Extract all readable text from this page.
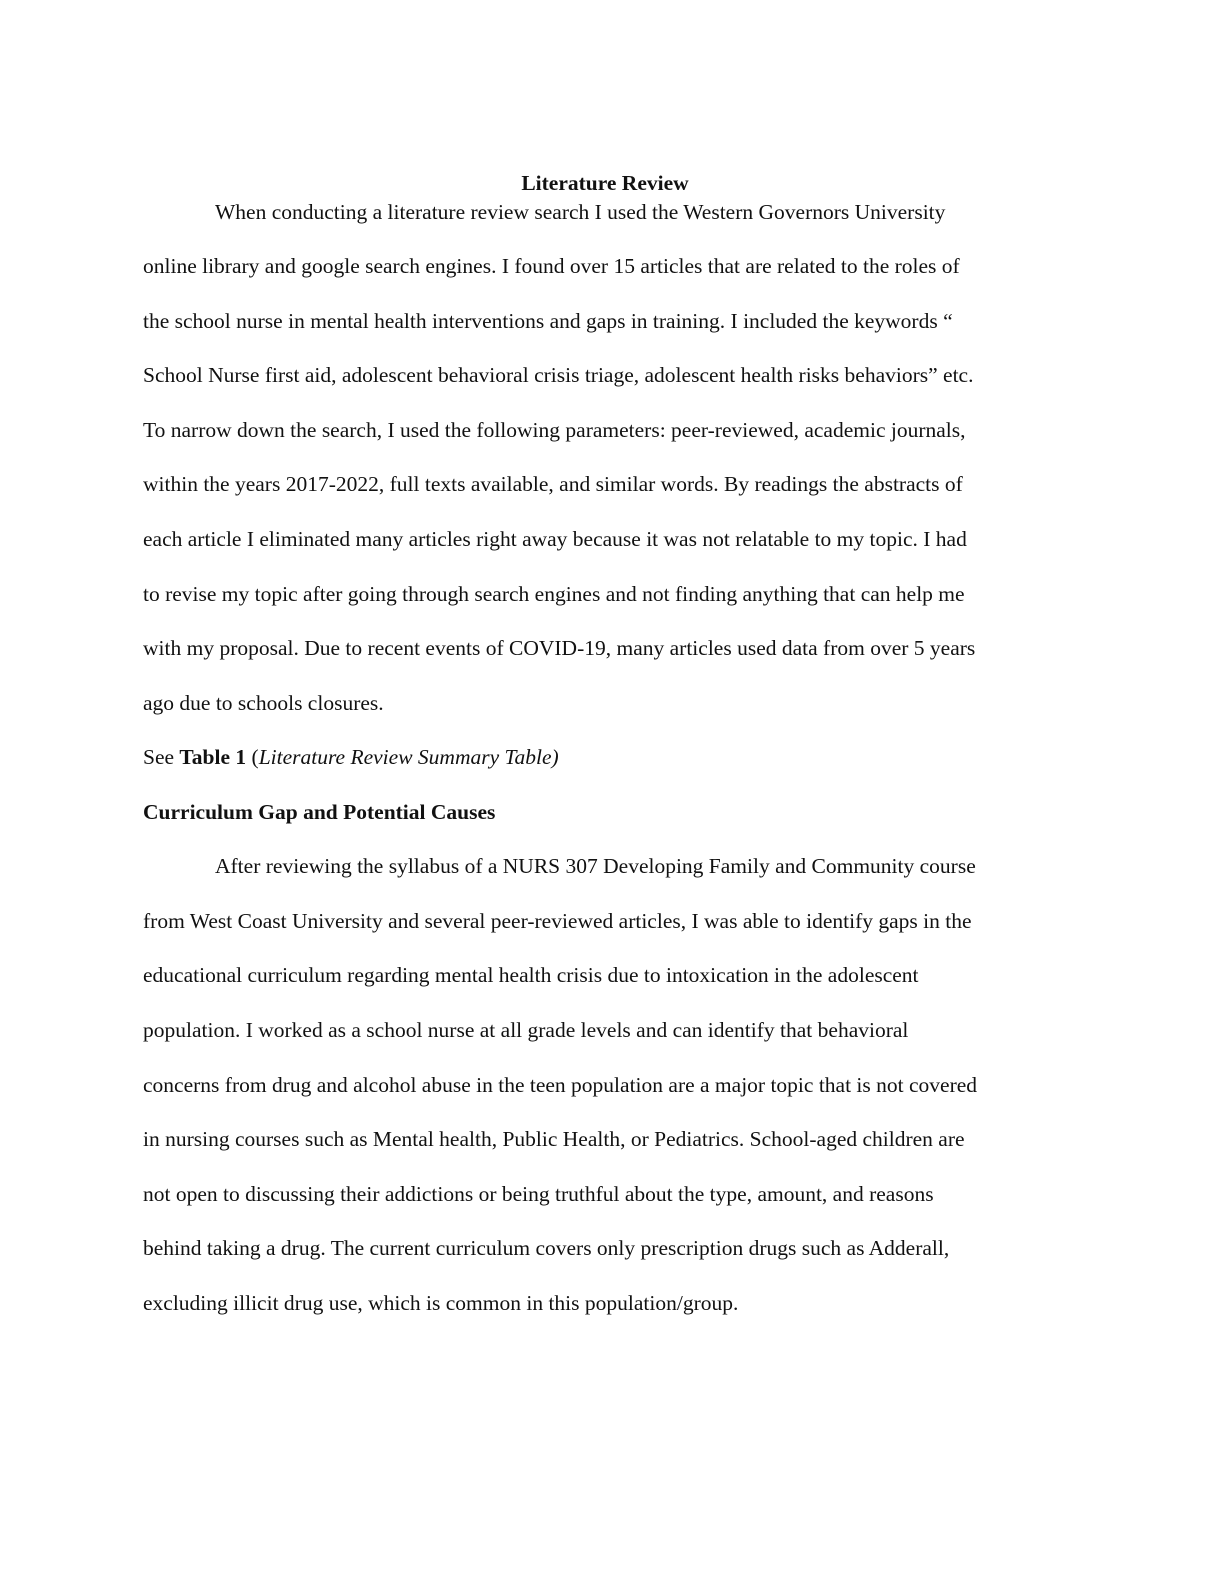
Literature Review
When conducting a literature review search I used the Western Governors University
online library and google search engines. I found over 15 articles that are related to the roles of
the school nurse in mental health interventions and gaps in training. I included the keywords “
School Nurse first aid, adolescent behavioral crisis triage, adolescent health risks behaviors” etc.
To narrow down the search, I used the following parameters: peer-reviewed, academic journals,
within the years 2017-2022, full texts available, and similar words. By readings the abstracts of
each article I eliminated many articles right away because it was not relatable to my topic. I had
to revise my topic after going through search engines and not finding anything that can help me
with my proposal. Due to recent events of COVID-19, many articles used data from over 5 years
ago due to schools closures.
See Table 1 (Literature Review Summary Table)
Curriculum Gap and Potential Causes
After reviewing the syllabus of a NURS 307 Developing Family and Community course
from West Coast University and several peer-reviewed articles, I was able to identify gaps in the
educational curriculum regarding mental health crisis due to intoxication in the adolescent
population. I worked as a school nurse at all grade levels and can identify that behavioral
concerns from drug and alcohol abuse in the teen population are a major topic that is not covered
in nursing courses such as Mental health, Public Health, or Pediatrics. School-aged children are
not open to discussing their addictions or being truthful about the type, amount, and reasons
behind taking a drug. The current curriculum covers only prescription drugs such as Adderall,
excluding illicit drug use, which is common in this population/group.
